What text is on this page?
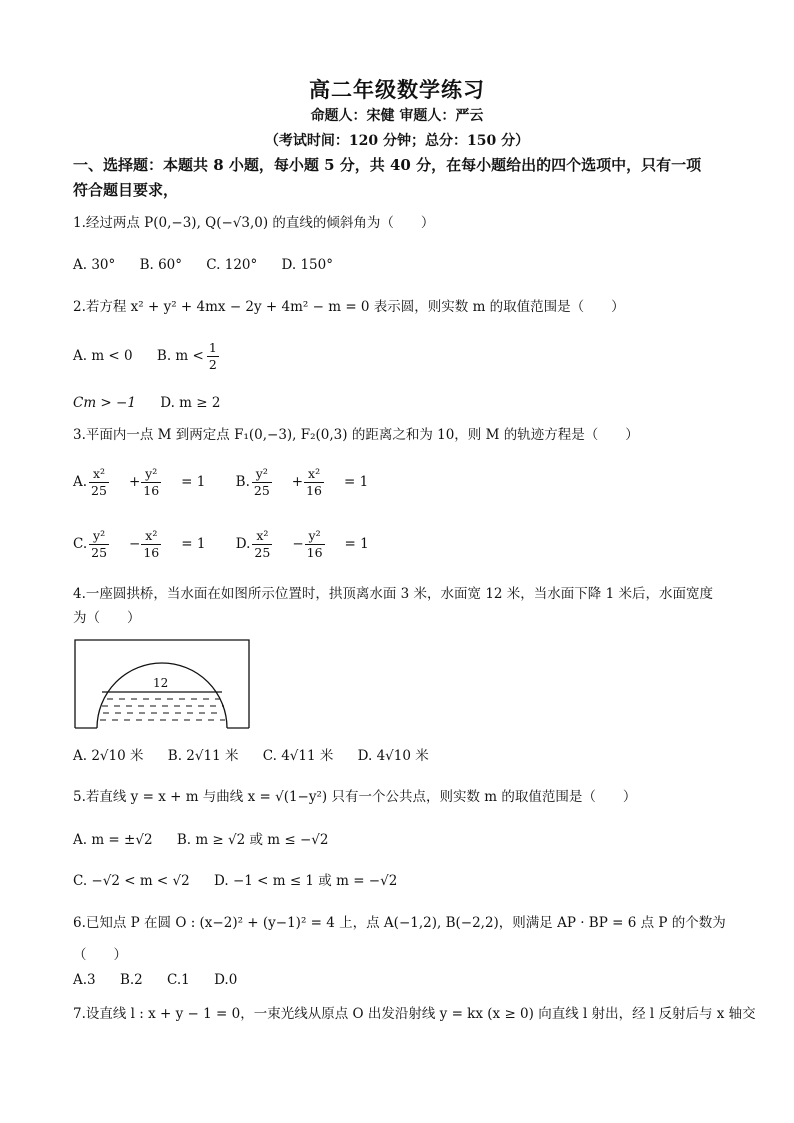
高二年级数学练习
命题人：宋健 审题人：严云
（考试时间：120 分钟；总分：150 分）
一、选择题：本题共 8 小题，每小题 5 分，共 40 分，在每小题给出的四个选项中，只有一项
符合题目要求，
1.经过两点 P(0,−3), Q(−√3,0) 的直线的倾斜角为（　　）
A. 30° B. 60° C. 120° D. 150°
2.若方程 x² + y² + 4mx − 2y + 4m² − m = 0 表示圆，则实数 m 的取值范围是（　　）
A. m < 0 B. $m < \frac{1}{2}$
Cm > −1 D. m ≥ 2
3.平面内一点 M 到两定点 F₁(0,−3), F₂(0,3) 的距离之和为 10，则 M 的轨迹方程是（　　）
A. $\frac{\text{x²}}{25} + \frac{\text{y²}}{16} = 1$ B. $\frac{\text{y²}}{25} + \frac{\text{x²}}{16} = 1$
C. $\frac{\text{y²}}{25} - \frac{\text{x²}}{16} = 1$ D. $\frac{\text{x²}}{25} - \frac{\text{y²}}{16} = 1$
4.一座圆拱桥，当水面在如图所示位置时，拱顶离水面 3 米，水面宽 12 米，当水面下降 1 米后，水面宽度
为（　　）
12
A. 2√10 米 B. 2√11 米 C. 4√11 米 D. 4√10 米
5.若直线 y = x + m 与曲线 x = √(1−y²) 只有一个公共点，则实数 m 的取值范围是（　　）
A. m = ±√2 B. m ≥ √2 或 m ≤ −√2
C. −√2 < m < √2 D. −1 < m ≤ 1 或 m = −√2
6.已知点 P 在圆 O : (x−2)² + (y−1)² = 4 上，点 A(−1,2), B(−2,2)，则满足 AP · BP = 6 点 P 的个数为
（　　）
A.3 B.2 C.1 D.0
7.设直线 l : x + y − 1 = 0，一束光线从原点 O 出发沿射线 y = kx (x ≥ 0) 向直线 l 射出，经 l 反射后与 x 轴交
